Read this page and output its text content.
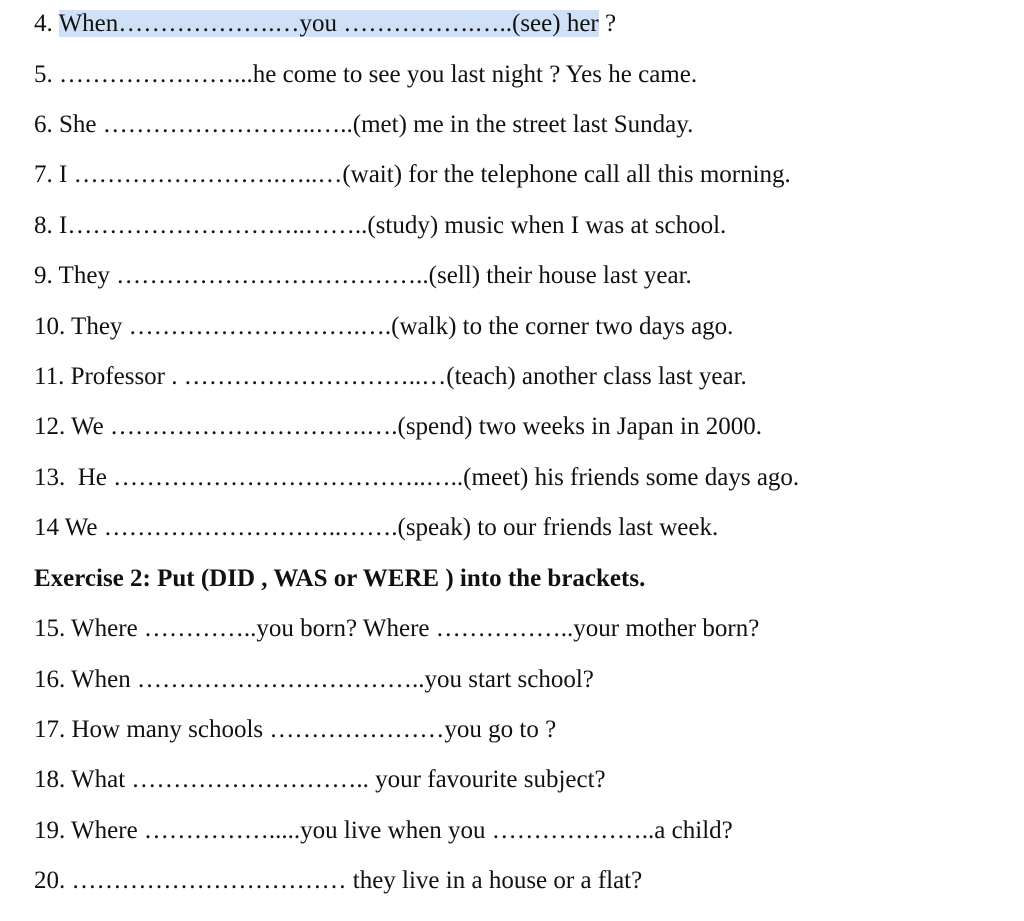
4. When……………….…you …………….…..(see) her ?
5. …………………...he come to see you last night ? Yes he came.
6. She ……………………..…..(met) me in the street last Sunday.
7. I …………………….…..…(wait) for the telephone call all this morning.
8. I………………………..……..(study) music when I was at school.
9. They ………………………………..(sell) their house last year.
10. They ……………………….….(walk) to the corner two days ago.
11. Professor . ………………………..…(teach) another class last year.
12. We ………………………….….(spend) two weeks in Japan in 2000.
13.  He ………………………………..…..(meet) his friends some days ago.
14 We ………………………..…….(speak) to our friends last week.
Exercise 2: Put (DID , WAS or WERE ) into the brackets.
15. Where …………..you born? Where ……………..your mother born?
16. When ……………………………..you start school?
17. How many schools …………………you go to ?
18. What ……………………….. your favourite subject?
19. Where …………….....you live when you ………………..a child?
20. …………………………… they live in a house or a flat?
